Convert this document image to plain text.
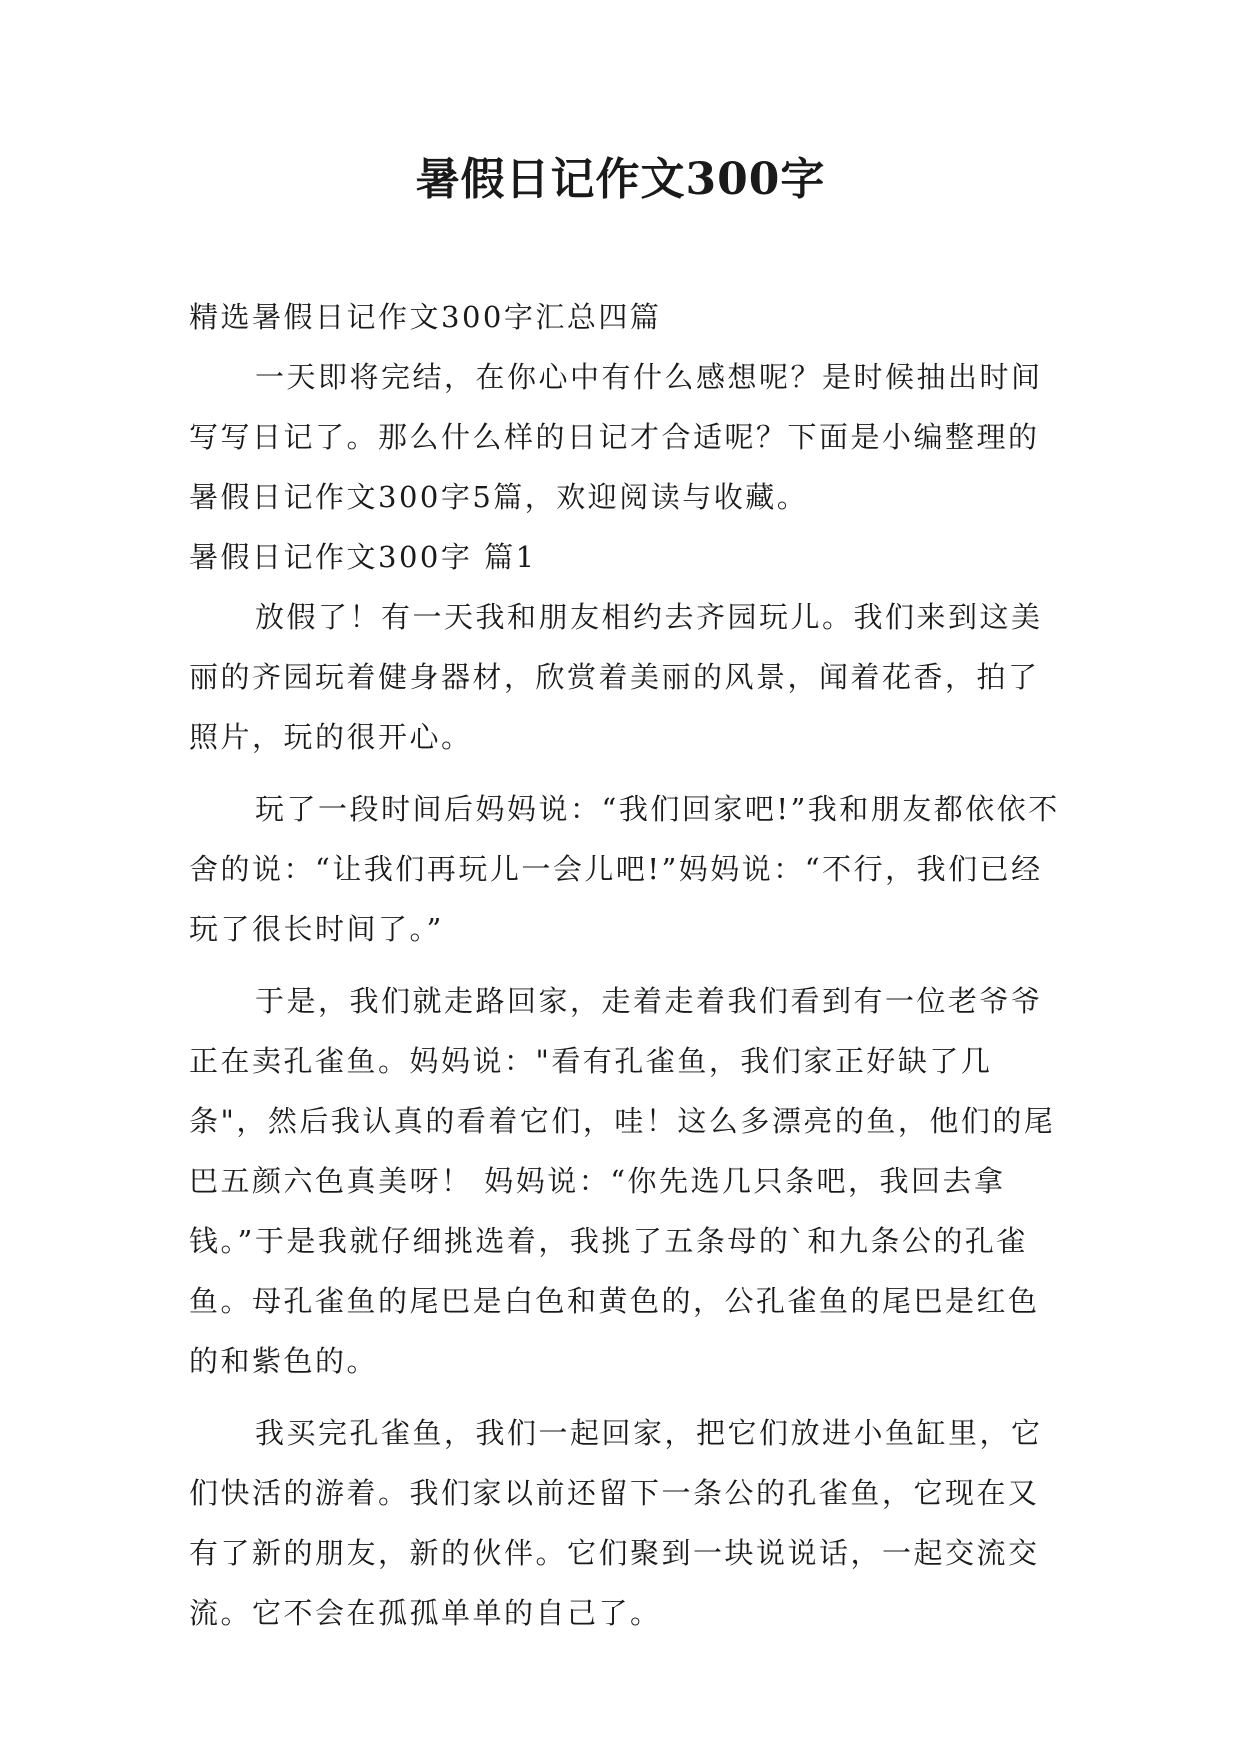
暑假日记作文300字

精选暑假日记作文300字汇总四篇

一天即将完结，在你心中有什么感想呢？是时候抽出时间写写日记了。那么什么样的日记才合适呢？下面是小编整理的暑假日记作文300字5篇，欢迎阅读与收藏。

暑假日记作文300字 篇1

放假了！有一天我和朋友相约去齐园玩儿。我们来到这美丽的齐园玩着健身器材，欣赏着美丽的风景，闻着花香，拍了照片，玩的很开心。

玩了一段时间后妈妈说：“我们回家吧!”我和朋友都依依不舍的说：“让我们再玩儿一会儿吧!”妈妈说：“不行，我们已经玩了很长时间了。”

于是，我们就走路回家，走着走着我们看到有一位老爷爷正在卖孔雀鱼。妈妈说："看有孔雀鱼，我们家正好缺了几条"，然后我认真的看着它们，哇！这么多漂亮的鱼，他们的尾巴五颜六色真美呀！ 妈妈说：“你先选几只条吧，我回去拿钱。”于是我就仔细挑选着，我挑了五条母的`和九条公的孔雀鱼。母孔雀鱼的尾巴是白色和黄色的，公孔雀鱼的尾巴是红色的和紫色的。

我买完孔雀鱼，我们一起回家，把它们放进小鱼缸里，它们快活的游着。我们家以前还留下一条公的孔雀鱼，它现在又有了新的朋友，新的伙伴。它们聚到一块说说话，一起交流交流。它不会在孤孤单单的自己了。
